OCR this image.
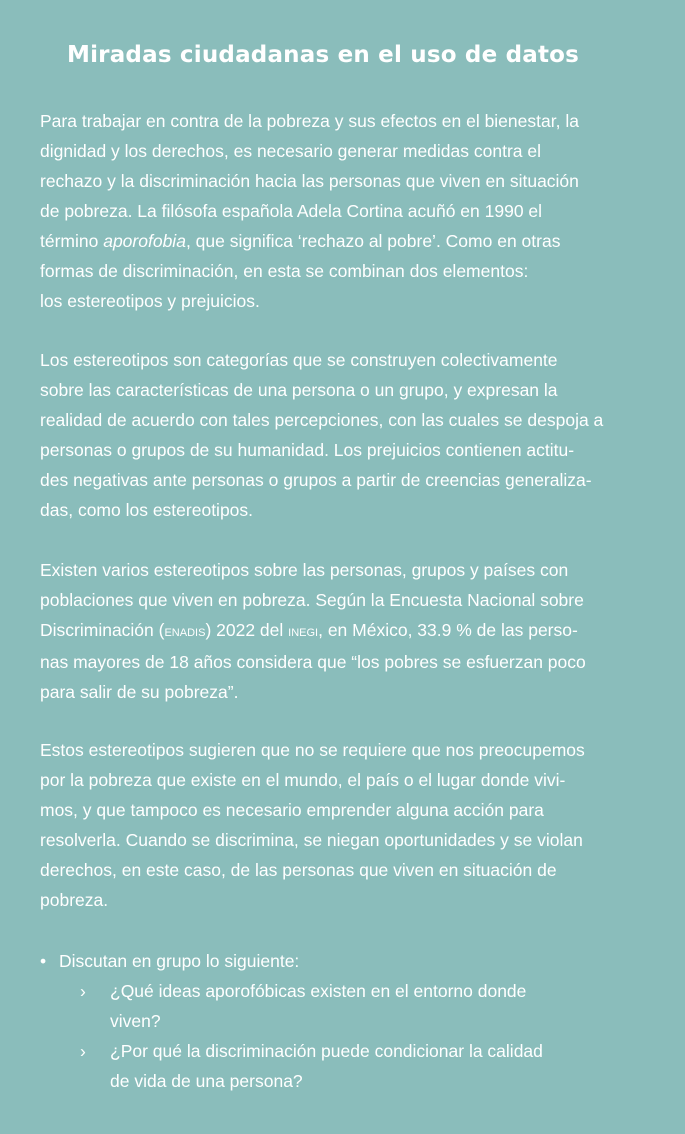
Miradas ciudadanas en el uso de datos
Para trabajar en contra de la pobreza y sus efectos en el bienestar, la
dignidad y los derechos, es necesario generar medidas contra el
rechazo y la discriminación hacia las personas que viven en situación
de pobreza. La filósofa española Adela Cortina acuñó en 1990 el
término aporofobia, que significa ‘rechazo al pobre’. Como en otras
formas de discriminación, en esta se combinan dos elementos:
los estereotipos y prejuicios.
Los estereotipos son categorías que se construyen colectivamente
sobre las características de una persona o un grupo, y expresan la
realidad de acuerdo con tales percepciones, con las cuales se despoja a
personas o grupos de su humanidad. Los prejuicios contienen actitu-
des negativas ante personas o grupos a partir de creencias generaliza-
das, como los estereotipos.
Existen varios estereotipos sobre las personas, grupos y países con
poblaciones que viven en pobreza. Según la Encuesta Nacional sobre
Discriminación (enadis) 2022 del inegi, en México, 33.9 % de las perso-
nas mayores de 18 años considera que “los pobres se esfuerzan poco
para salir de su pobreza”.
Estos estereotipos sugieren que no se requiere que nos preocupemos
por la pobreza que existe en el mundo, el país o el lugar donde vivi-
mos, y que tampoco es necesario emprender alguna acción para
resolverla. Cuando se discrimina, se niegan oportunidades y se violan
derechos, en este caso, de las personas que viven en situación de
pobreza.
• Discutan en grupo lo siguiente:
› ¿Qué ideas aporofóbicas existen en el entorno donde
viven?
› ¿Por qué la discriminación puede condicionar la calidad
de vida de una persona?
